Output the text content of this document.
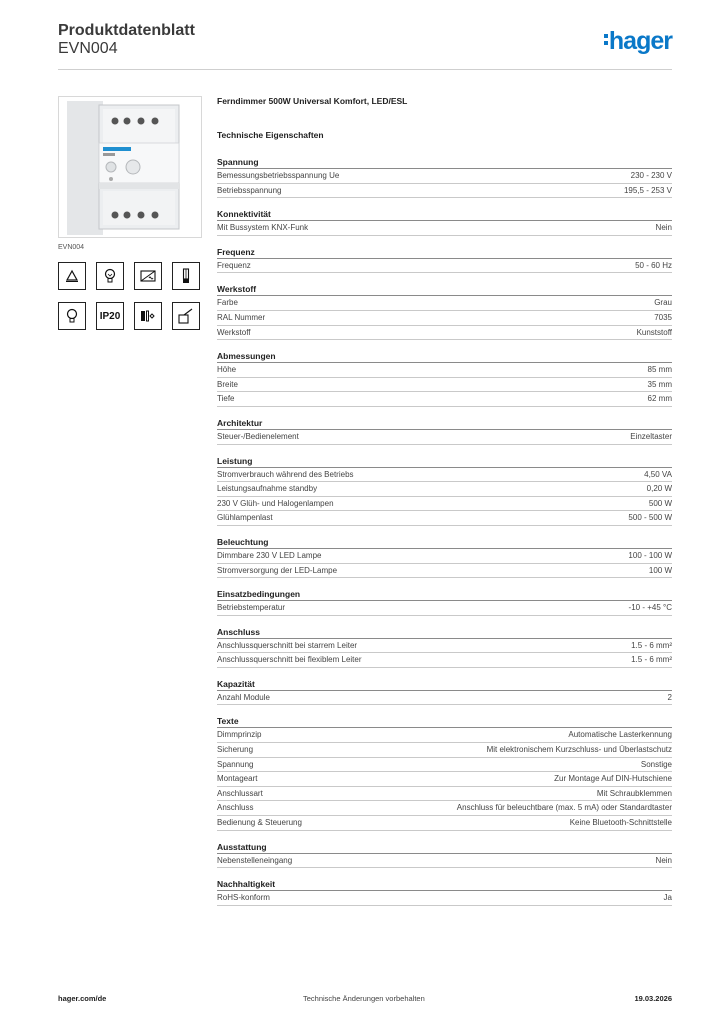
Produktdatenblatt
EVN004	hager
EVN004
IP20
Ferndimmer 500W Universal Komfort, LED/ESL
Technische Eigenschaften
Spannung
Bemessungsbetriebsspannung Ue	230 - 230 V
Betriebsspannung	195,5 - 253 V
Konnektivität
Mit Bussystem KNX-Funk	Nein
Frequenz
Frequenz	50 - 60 Hz
Werkstoff
Farbe	Grau
RAL Nummer	7035
Werkstoff	Kunststoff
Abmessungen
Höhe	85 mm
Breite	35 mm
Tiefe	62 mm
Architektur
Steuer-/Bedienelement	Einzeltaster
Leistung
Stromverbrauch während des Betriebs	4,50 VA
Leistungsaufnahme standby	0,20 W
230 V Glüh- und Halogenlampen	500 W
Glühlampenlast	500 - 500 W
Beleuchtung
Dimmbare 230 V LED Lampe	100 - 100 W
Stromversorgung der LED-Lampe	100 W
Einsatzbedingungen
Betriebstemperatur	-10 - +45 °C
Anschluss
Anschlussquerschnitt bei starrem Leiter	1.5 - 6 mm²
Anschlussquerschnitt bei flexiblem Leiter	1.5 - 6 mm²
Kapazität
Anzahl Module	2
Texte
Dimmprinzip	Automatische Lasterkennung
Sicherung	Mit elektronischem Kurzschluss- und Überlastschutz
Spannung	Sonstige
Montageart	Zur Montage Auf DIN-Hutschiene
Anschlussart	Mit Schraubklemmen
Anschluss	Anschluss für beleuchtbare (max. 5 mA) oder Standardtaster
Bedienung & Steuerung	Keine Bluetooth-Schnittstelle
Ausstattung
Nebenstelleneingang	Nein
Nachhaltigkeit
RoHS-konform	Ja
hager.com/de	Technische Änderungen vorbehalten	19.03.2026
